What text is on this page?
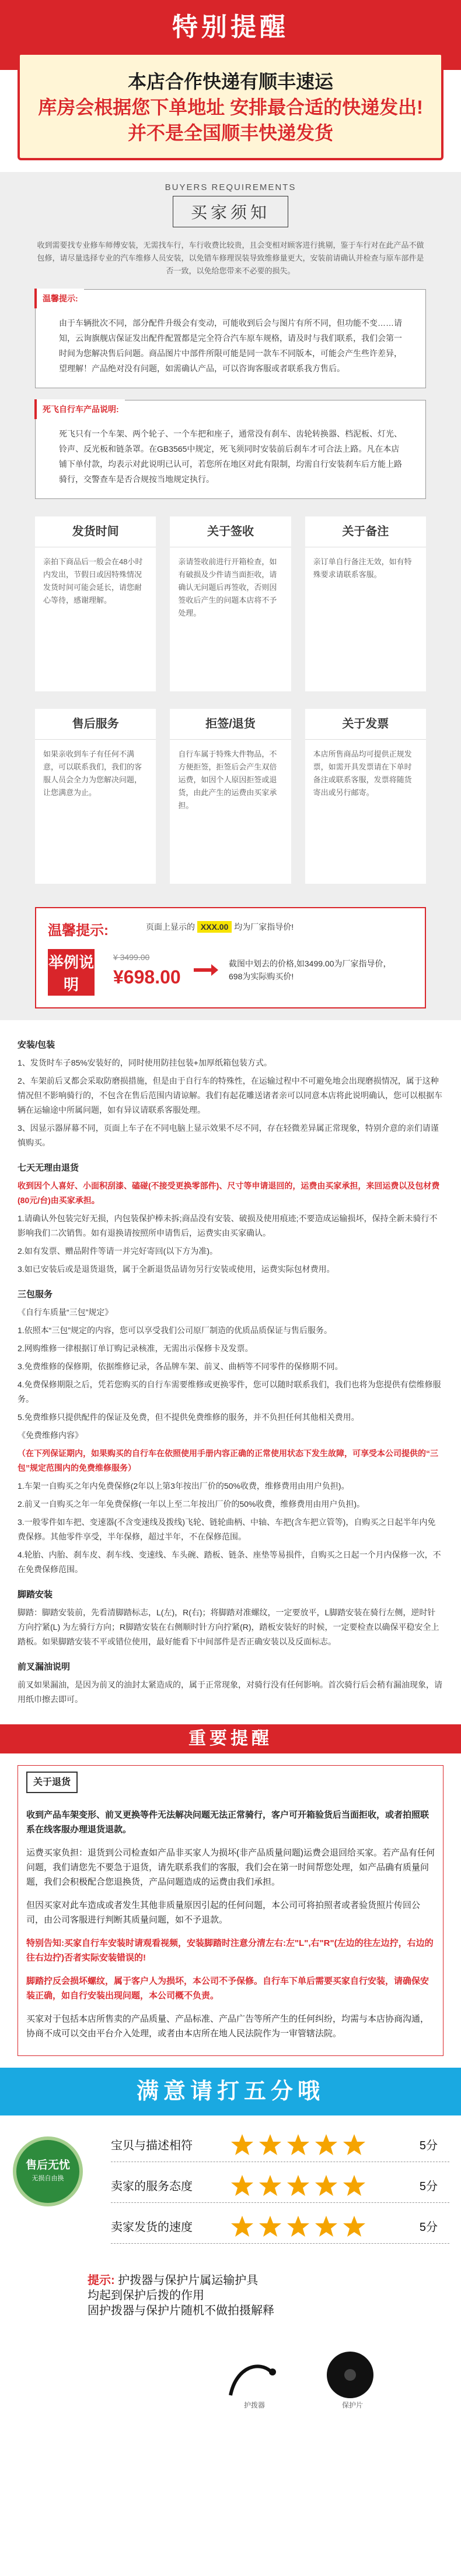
特别提醒
本店合作快递有顺丰速运
库房会根据您下单地址 安排最合适的快递发出!
并不是全国顺丰快递发货
BUYERS REQUIREMENTS
买家须知
收到需要找专业修车师傅安装，无需找车行，车行收费比较贵，且会变相对顾客进行挑剔，鉴于车行对在此产品不做包修，请尽量选择专业的汽车维修人员安装，以免错车修理误装导致维修量更大，安装前请确认并检查与原车部件是否一致，以免给您带来不必要的损失。
温馨提示:
由于车辆批次不同，部分配件升级会有变动，可能收到后会与图片有所不同，但功能不变……请知，云询旗舰店保证发出配件配置都是完全符合汽车原车规格，请及时与我们联系，我们会第一时间为您解决售后问题。商品图片中部件所限可能是同一款车不同版本，可能会产生些许差异，望理解！产品绝对没有问题，如需确认产品，可以咨询客服或者联系我方售后。
死飞自行车产品说明:
死飞只有一个车架、两个轮子、一个车把和座子，通常没有刹车、齿轮转换器、档泥板、灯光、铃声、反光板和链条罩。在GB3565中规定，死飞须同时安装前后刹车才可合法上路。凡在本店铺下单付款，均表示对此说明已认可，若您所在地区对此有限制，均需自行安装刹车后方能上路骑行，交警查车是否合规按当地规定执行。
发货时间
亲拍下商品后一般会在48小时内发出，节假日或因特殊情况发货时间可能会延长，请您耐心等待，感谢理解。
关于签收
亲请签收前进行开箱检查，如有破损及少件请当面拒收，请确认无问题后再签收，否则因签收后产生的问题本店将不予处理。
关于备注
亲订单自行备注无效，如有特殊要求请联系客服。
售后服务
如果亲收到车子有任何不满意，可以联系我们，我们的客服人员会全力为您解决问题，让您满意为止。
拒签/退货
自行车属于特殊大件物品，不方便拒签，拒签后会产生双倍运费，如因个人原因拒签或退货，由此产生的运费由买家承担。
关于发票
本店所售商品均可提供正规发票，如需开具发票请在下单时备注或联系客服，发票将随货寄出或另行邮寄。
温馨提示:	页面上显示的 XXX.00 均为厂家指导价!
举例说明
¥ 3499.00
¥698.00
截图中划去的价格,如3499.00为厂家指导价，
698为实际购买价!
安装/包装

1、发货时车子85%安装好的，同时使用防挂包装+加厚纸箱包装方式。

2、车架前后叉都会采取防磨损措施，但是由于自行车的特殊性，在运输过程中不可避免地会出现磨损情况，属于这种情况但不影响骑行的，不包含在售后范围内请谅解。我们有起花雕送诸者亲可以同意本店将此说明确认，您可以根据车辆在运输途中所属问题，如有异议请联系客服处理。

3、因显示器屏幕不同，页面上车子在不同电脑上显示效果不尽不同，存在轻微差异属正常现象，特别介意的亲们请谨慎购买。

七天无理由退货

收到因个人喜好、小面积刮漆、磕碰(不接受更换零部件)、尺寸等申请退回的，运费由买家承担，来回运费以及包材费(80元/台)由买家承担。

1.请确认外包装完好无损，内包装保护棒未拆;商品没有安装、破损及使用痕迹;不要造成运输损坏，保持全新未骑行不影响我们二次销售。如有退换请按照所申请售后，运费实由买家确认。

2.如有发票、赠品附件等请一并完好寄回(以下方为准)。

3.如已安装后或是退货退货，属于全新退货品请勿另行安装或使用，运费实际包材费用。

三包服务

《自行车质量“三包”规定》

1.依照本“三包”规定的内容，您可以享受我们公司原厂制造的优质品质保证与售后服务。

2.网购维修一律根据订单订购记录核准，无需出示保修卡及发票。

3.免费维修的保修期，依据维修记录，各品牌车架、前叉、曲柄等不同零件的保修期不同。

4.免费保修期限之后，凭若您购买的自行车需要维修或更换零件，您可以随时联系我们，我们也将为您提供有偿维修服务。

5.免费维修只提供配件的保证及免费，但不提供免费维修的服务，并不负担任何其他相关费用。

《免费维修内容》

（在下列保证期内，如果购买的自行车在依照使用手册内容正确的正常使用状态下发生故障，可享受本公司提供的“三包”规定范围内的免费维修服务）

1.车架一自购买之年内免费保修(2年以上第3年按出厂价的50%收费，维修费用由用户负担)。

2.前叉一自购买之年一年免费保修(一年以上至二年按出厂价的50%收费，维修费用由用户负担)。

3.一般零件如车把、变速器(不含变速线及拨线)飞轮、链轮曲柄、中轴、车把(含车把立管等)，自购买之日起半年内免费保修。其他零件享受，半年保修，超过半年，不在保修范围。

4.轮胎、内胎、刹车皮、刹车线、变速线、车头碗、踏板、链条、座垫等易损件，自购买之日起一个月内保修一次，不在免费保修范围。

脚踏安装

脚踏：脚踏安装前，先看清脚踏标志，L(左)，R(右)；将脚踏对准螺纹，一定要放平，L脚踏安装在骑行左侧，逆时针方向拧紧(L) 为左骑行方向；R脚踏安装在右侧顺时针方向拧紧(R)，踏板安装好的时候，一定要检查以确保平稳安全上踏板。如果脚踏安装不平或错位使用，最好能看下中间部件是否正确安装以及反面标志。

前叉漏油说明

前叉如果漏油，是因为前叉的油封太紧造成的，属于正常现象，对骑行没有任何影响。首次骑行后会稍有漏油现象，请用纸巾擦去即可。

重要提醒
关于退货

收到产品车架变形、前叉更换等件无法解决问题无法正常骑行，客户可开箱验货后当面拒收，或者拍照联系在线客服办理退货退款。

运费买家负担：退货到公司检查如产品非买家人为损坏(非产品质量问题)运费会退回给买家。若产品有任何问题，我们请您先不要急于退货，请先联系我们的客服，我们会在第一时间帮您处理，如产品确有质量问题，我们会积极配合您退换货，产品问题造成的运费由我们承担。

但因买家对此车造成或者发生其他非质量原因引起的任何问题，本公司可将拍照者或者验货照片传回公司，由公司客服进行判断其质量问题，如不予退款。

特别告知:买家自行车安装时请观看视频，安装脚踏时注意分清左右:左"L",右"R"(左边的往左边拧，右边的往右边拧)否者实际安装错误的!

脚踏拧反会损坏螺纹，属于客户人为损坏，本公司不予保修。自行车下单后需要买家自行安装，请确保安装正确，如自行安装出现问题，本公司概不负责。

买家对于包括本店所售卖的产品质量、产品标准、产品广告等所产生的任何纠纷，均需与本店协商沟通，协商不成可以交由平台介入处理，或者由本店所在地人民法院作为一审管辖法院。

满意请打五分哦
售后无忧
无损自由换
宝贝与描述相符	5分
卖家的服务态度	5分
卖家发货的速度	5分
提示: 护拨器与保护片属运输护具
均起到保护后拨的作用
固护拨器与保护片随机不做拍摄解释
护拨器	保护片
